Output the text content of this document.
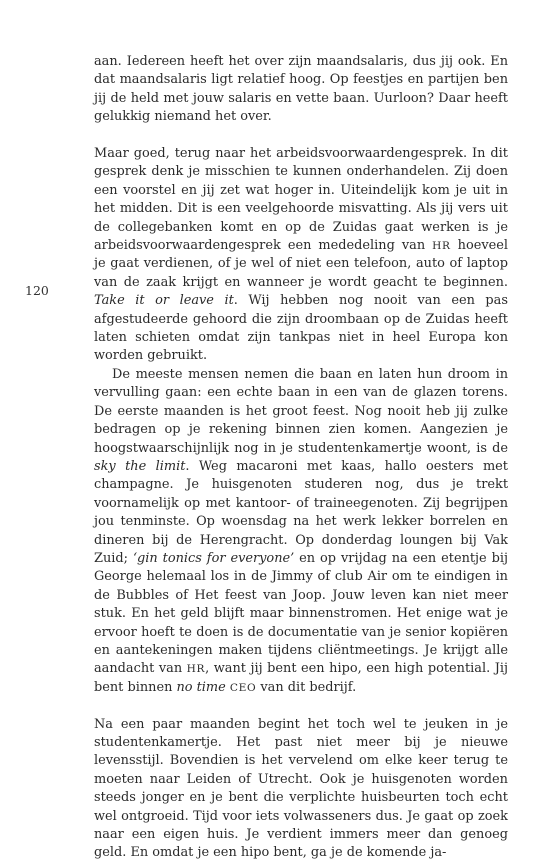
120

aan. Iedereen heeft het over zijn maandsalaris, dus jij ook. En dat maandsalaris ligt relatief hoog. Op feestjes en partijen ben jij de held met jouw salaris en vette baan. Uurloon? Daar heeft gelukkig niemand het over.

Maar goed, terug naar het arbeidsvoorwaardengesprek. In dit gesprek denk je misschien te kunnen onderhandelen. Zij doen een voorstel en jij zet wat hoger in. Uiteindelijk kom je uit in het midden. Dit is een veelgehoorde misvatting. Als jij vers uit de collegebanken komt en op de Zuidas gaat werken is je arbeidsvoorwaardengesprek een mededeling van HR hoeveel je gaat verdienen, of je wel of niet een telefoon, auto of laptop van de zaak krijgt en wanneer je wordt geacht te beginnen. Take it or leave it. Wij hebben nog nooit van een pas afgestudeerde gehoord die zijn droombaan op de Zuidas heeft laten schieten omdat zijn tankpas niet in heel Europa kon worden gebruikt.

De meeste mensen nemen die baan en laten hun droom in vervulling gaan: een echte baan in een van de glazen torens. De eerste maanden is het groot feest. Nog nooit heb jij zulke bedragen op je rekening binnen zien komen. Aangezien je hoogstwaarschijnlijk nog in je studentenkamertje woont, is de sky the limit. Weg macaroni met kaas, hallo oesters met champagne. Je huisgenoten studeren nog, dus je trekt voornamelijk op met kantoor- of traineegenoten. Zij begrijpen jou tenminste. Op woensdag na het werk lekker borrelen en dineren bij de Herengracht. Op donderdag loungen bij Vak Zuid; ‘gin tonics for everyone’ en op vrijdag na een etentje bij George helemaal los in de Jimmy of club Air om te eindigen in de Bubbles of Het feest van Joop. Jouw leven kan niet meer stuk. En het geld blijft maar binnenstromen. Het enige wat je ervoor hoeft te doen is de documentatie van je senior kopiëren en aantekeningen maken tijdens cliëntmeetings. Je krijgt alle aandacht van HR, want jij bent een hipo, een high potential. Jij bent binnen no time CEO van dit bedrijf.

Na een paar maanden begint het toch wel te jeuken in je studentenkamertje. Het past niet meer bij je nieuwe levensstijl. Bovendien is het vervelend om elke keer terug te moeten naar Leiden of Utrecht. Ook je huisgenoten worden steeds jonger en je bent die verplichte huisbeurten toch echt wel ontgroeid. Tijd voor iets volwasseners dus. Je gaat op zoek naar een eigen huis. Je verdient immers meer dan genoeg geld. En omdat je een hipo bent, ga je de komende ja-
